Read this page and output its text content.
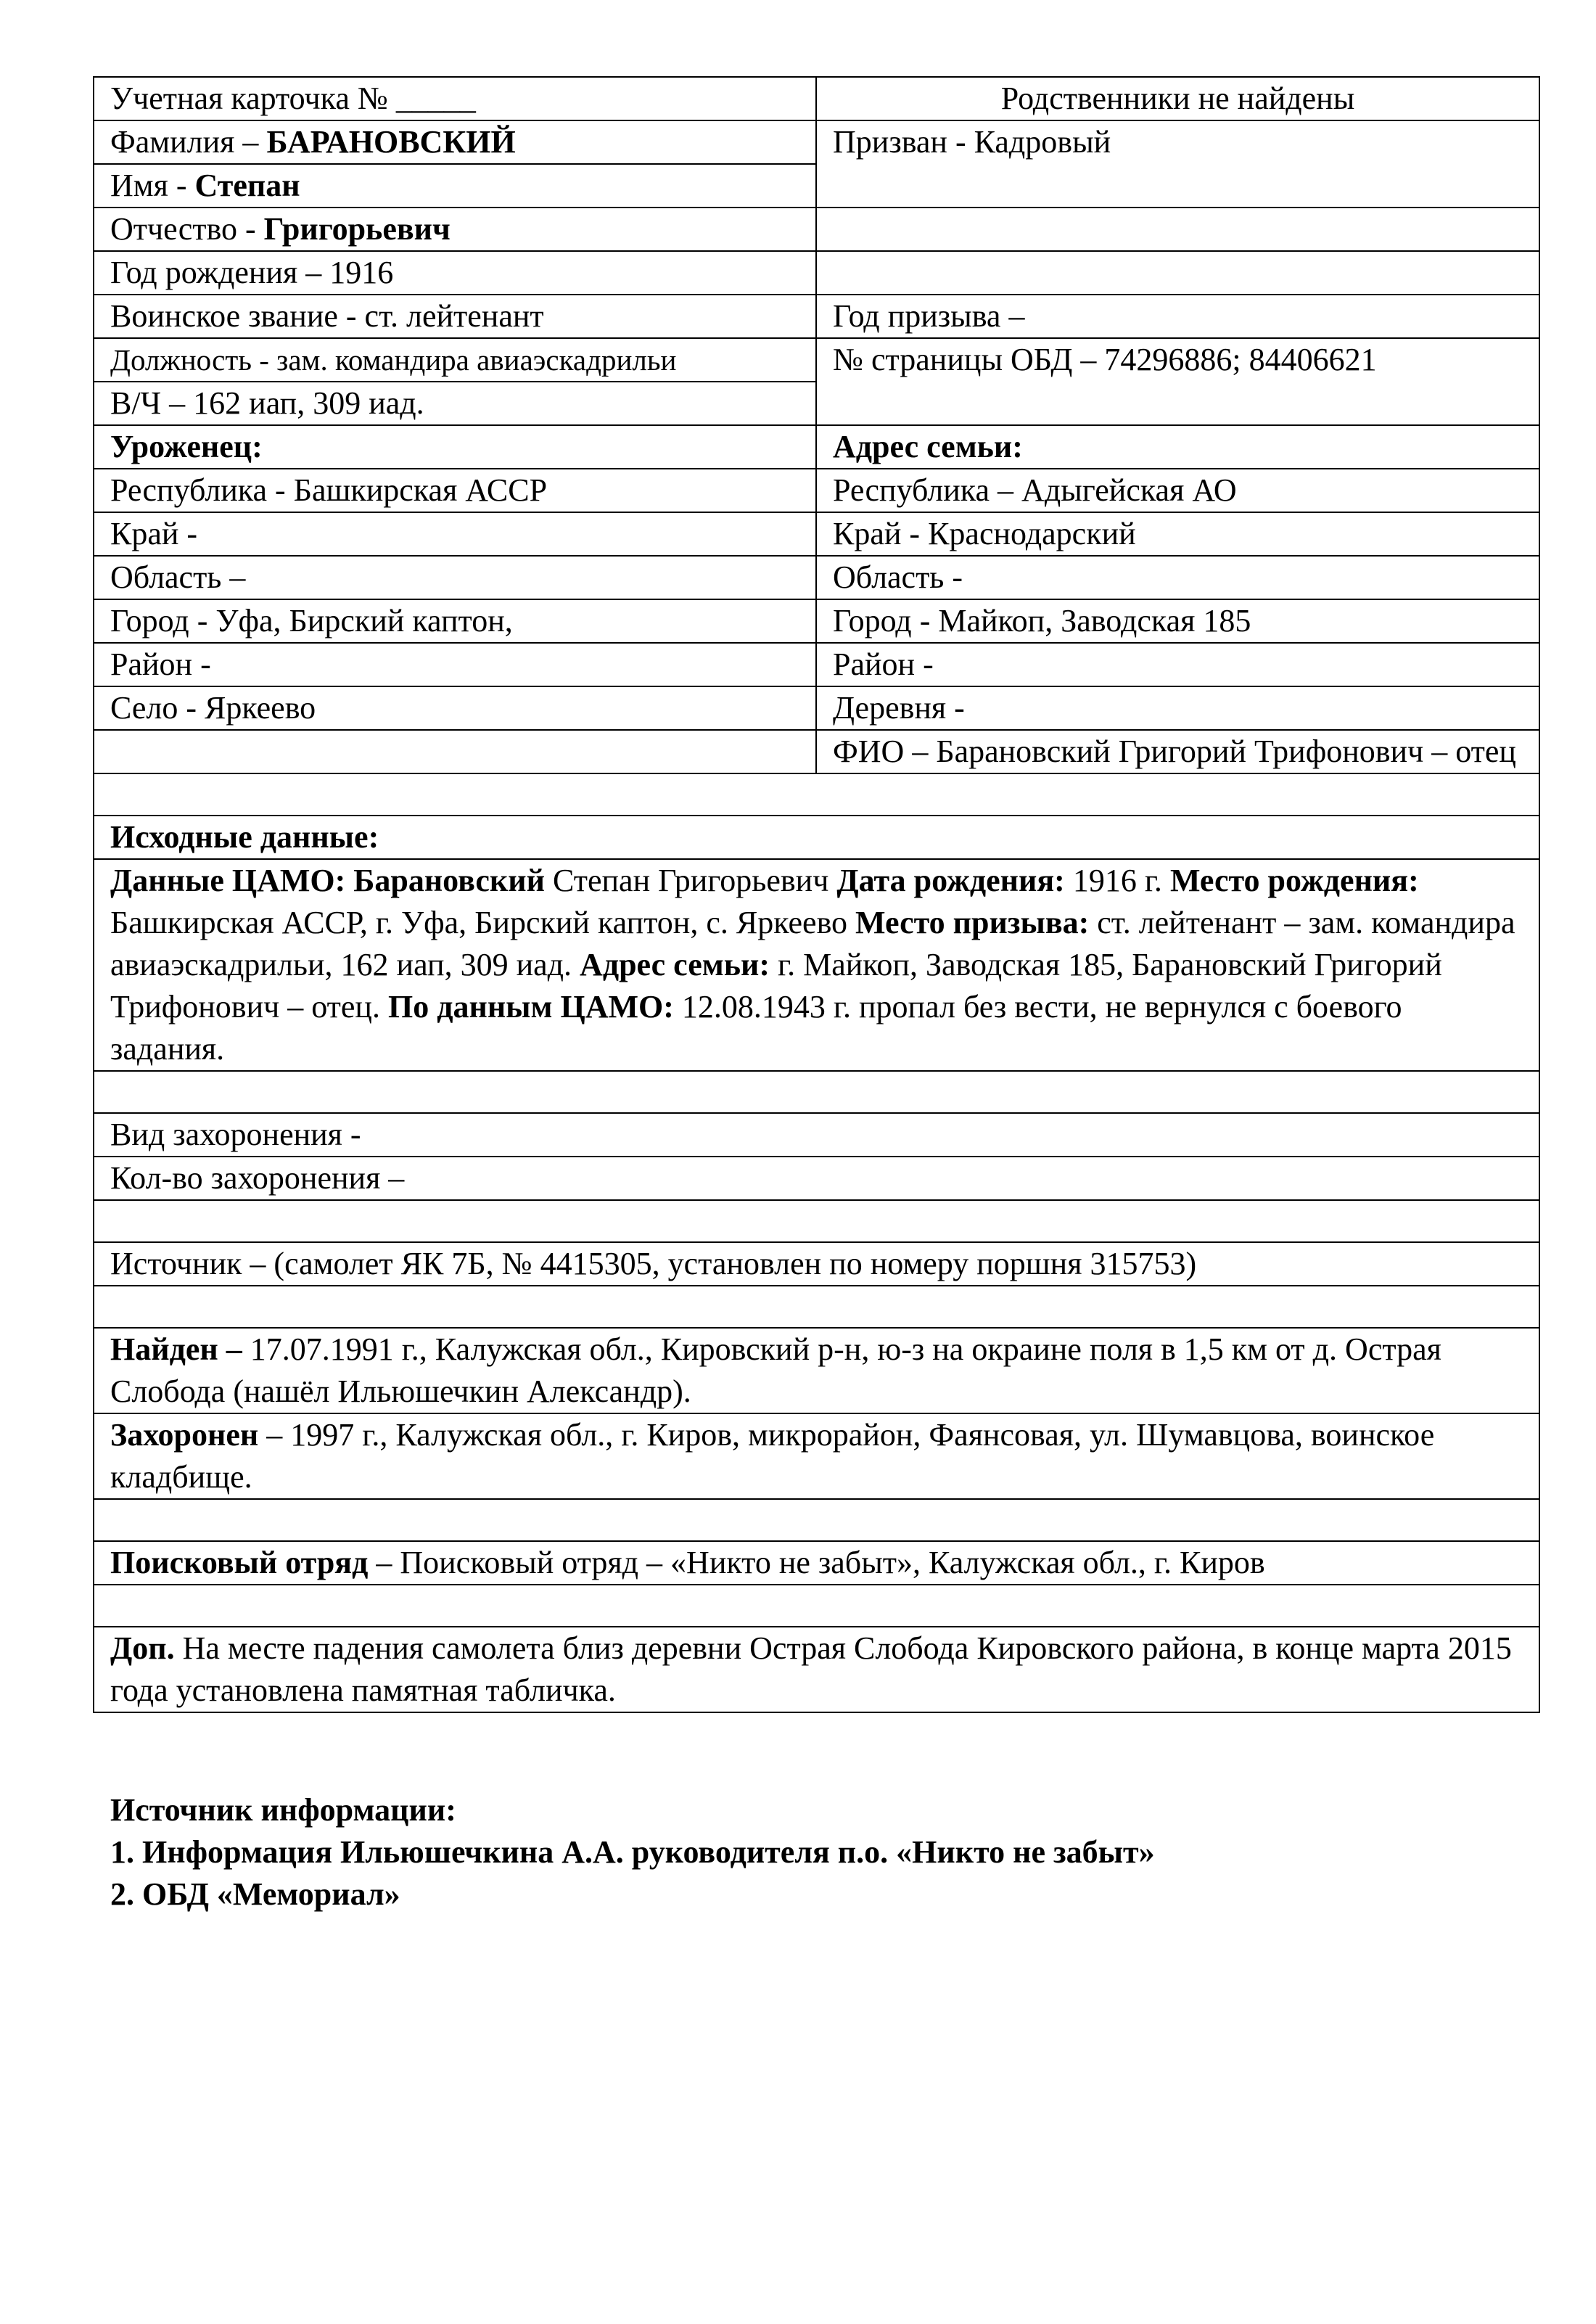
Учетная карточка № _____	Родственники не найдены
Фамилия – БАРАНОВСКИЙ	Призван - Кадровый
Имя - Степан	
Отчество - Григорьевич	
Год рождения – 1916	
Воинское звание - ст. лейтенант	Год призыва –
Должность - зам. командира авиаэскадрильи	№ страницы ОБД – 74296886; 84406621
В/Ч – 162 иап, 309 иад.	
Уроженец:	Адрес семьи:
Республика - Башкирская АССР	Республика – Адыгейская АО
Край -	Край - Краснодарский
Область –	Область -
Город - Уфа, Бирский каптон,	Город - Майкоп, Заводская 185
Район -	Район -
Село - Яркеево	Деревня -
	ФИО – Барановский Григорий Трифонович – отец

Исходные данные:	
Данные ЦАМО: Барановский Степан Григорьевич Дата рождения: 1916 г. Место рождения: Башкирская АССР, г. Уфа, Бирский каптон, с. Яркеево Место призыва: ст. лейтенант – зам. командира авиаэскадрильи, 162 иап, 309 иад. Адрес семьи: г. Майкоп, Заводская 185, Барановский Григорий Трифонович – отец. По данным ЦАМО: 12.08.1943 г. пропал без вести, не вернулся с боевого задания.	

Вид захоронения -	
Кол-во захоронения –	

Источник – (самолет ЯК 7Б, № 4415305, установлен по номеру поршня 315753)	

Найден – 17.07.1991 г., Калужская обл., Кировский р-н, ю-з на окраине поля в 1,5 км от д. Острая Слобода (нашёл Ильюшечкин Александр).	
Захоронен – 1997 г., Калужская обл., г. Киров, микрорайон, Фаянсовая, ул. Шумавцова, воинское кладбище.	

Поисковый отряд – Поисковый отряд – «Никто не забыт», Калужская обл., г. Киров	

Доп. На месте падения самолета близ деревни Острая Слобода Кировского района, в конце марта 2015 года установлена памятная табличка.	
Источник информации:
1. Информация Ильюшечкина А.А. руководителя п.о. «Никто не забыт»
2. ОБД «Мемориал»
